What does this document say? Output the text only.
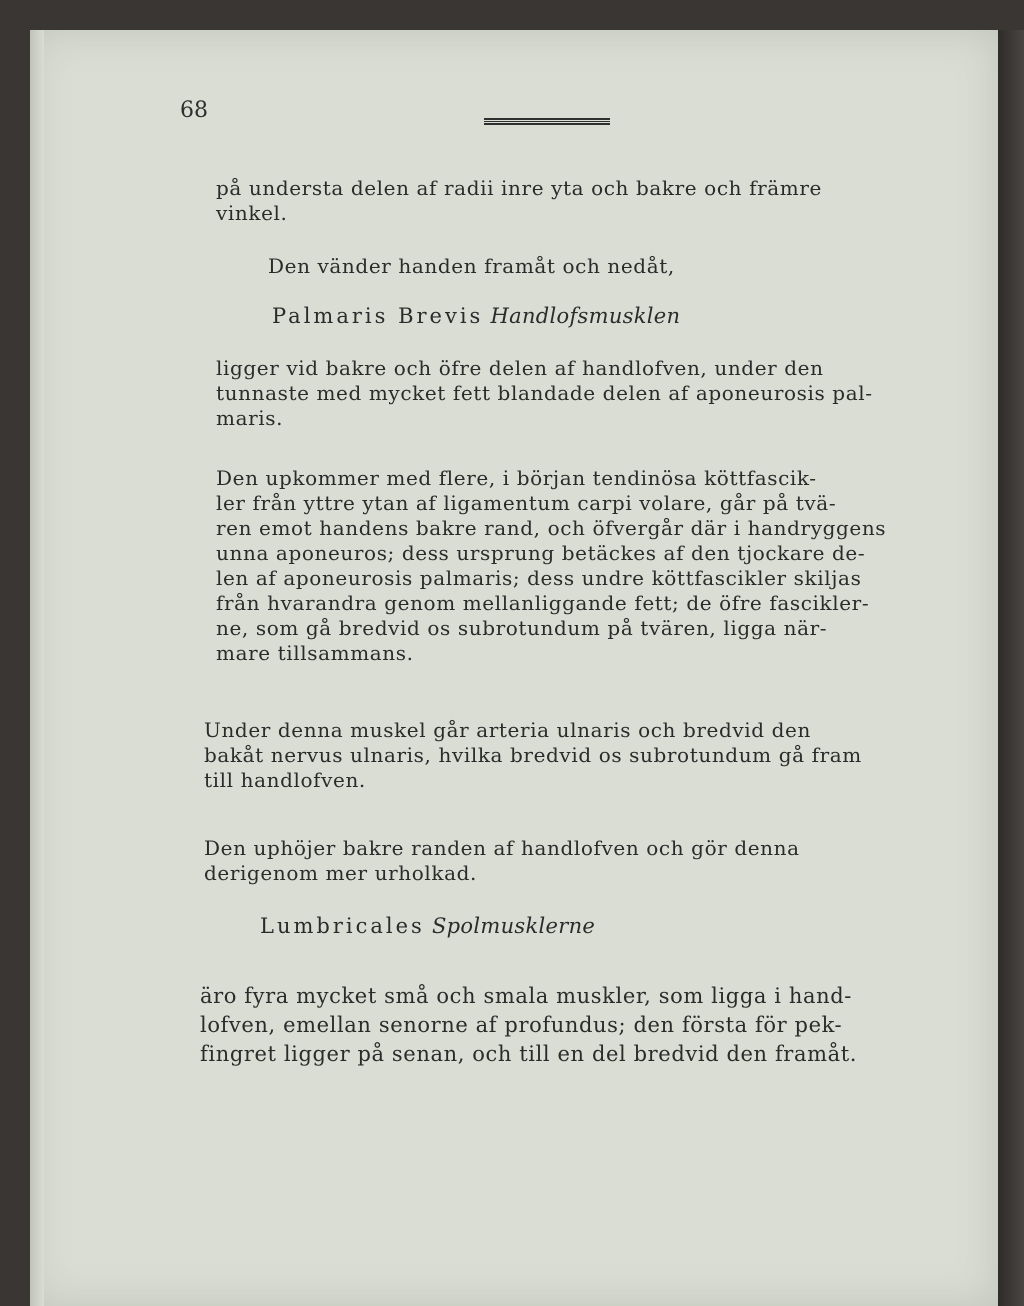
68
på understa delen af radii inre yta och bakre och främre
vinkel.
Den vänder handen framåt och nedåt,
Palmaris Brevis Handlofsmusklen
ligger vid bakre och öfre delen af handlofven, under den
tunnaste med mycket fett blandade delen af aponeurosis pal-
maris.
Den upkommer med flere, i början tendinösa köttfascik-
ler från yttre ytan af ligamentum carpi volare, går på tvä-
ren emot handens bakre rand, och öfvergår där i handryggens
unna aponeuros; dess ursprung betäckes af den tjockare de-
len af aponeurosis palmaris; dess undre köttfascikler skiljas
från hvarandra genom mellanliggande fett; de öfre fascikler-
ne, som gå bredvid os subrotundum på tvären, ligga när-
mare tillsammans.
Under denna muskel går arteria ulnaris och bredvid den
bakåt nervus ulnaris, hvilka bredvid os subrotundum gå fram
till handlofven.
Den uphöjer bakre randen af handlofven och gör denna
derigenom mer urholkad.
Lumbricales Spolmusklerne
äro fyra mycket små och smala muskler, som ligga i hand-
lofven, emellan senorne af profundus; den första för pek-
fingret ligger på senan, och till en del bredvid den framåt.
